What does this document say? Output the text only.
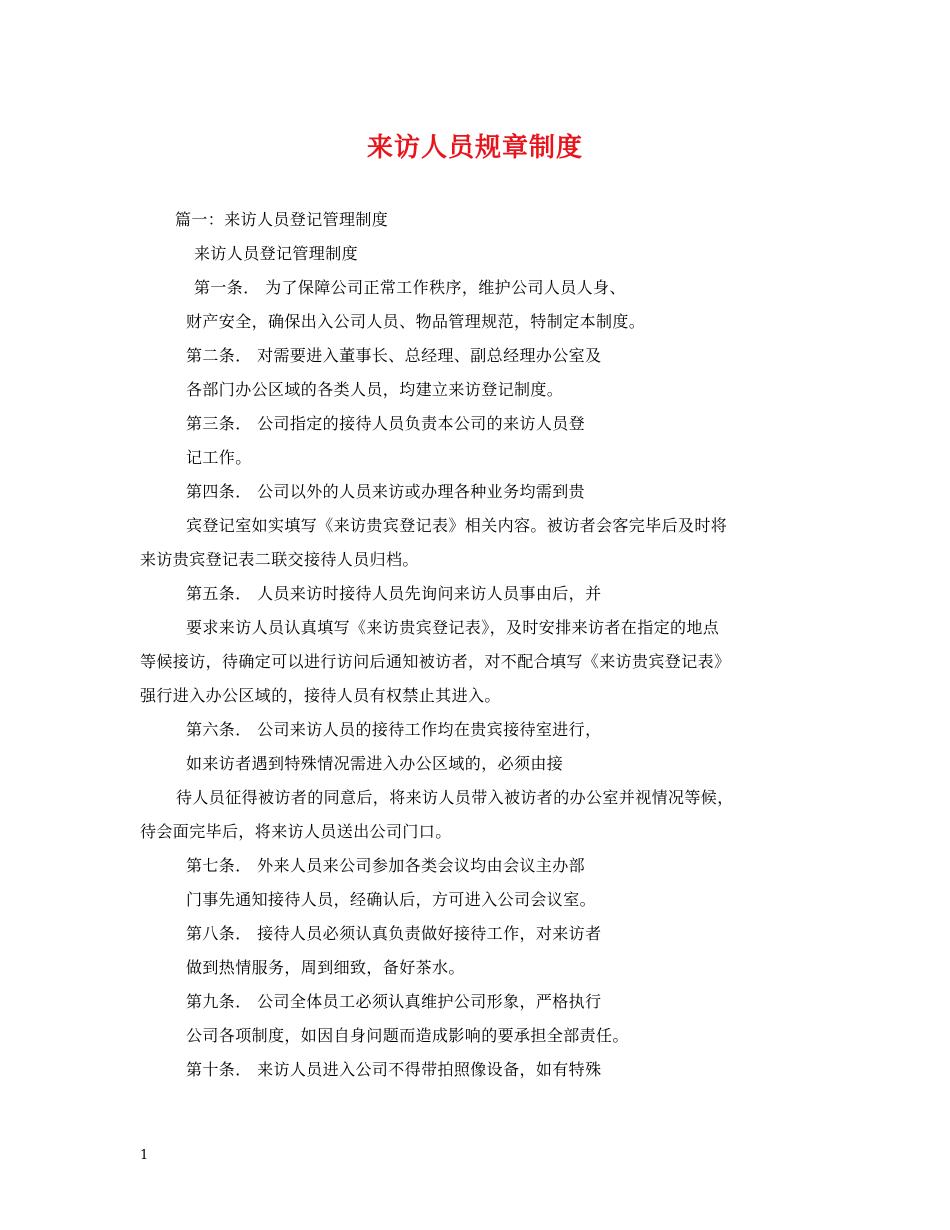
来访人员规章制度
篇一：来访人员登记管理制度
来访人员登记管理制度
第一条． 为了保障公司正常工作秩序，维护公司人员人身、
财产安全，确保出入公司人员、物品管理规范，特制定本制度。
第二条． 对需要进入董事长、总经理、副总经理办公室及
各部门办公区域的各类人员，均建立来访登记制度。
第三条． 公司指定的接待人员负责本公司的来访人员登
记工作。
第四条． 公司以外的人员来访或办理各种业务均需到贵
宾登记室如实填写《来访贵宾登记表》相关内容。被访者会客完毕后及时将
来访贵宾登记表二联交接待人员归档。
第五条． 人员来访时接待人员先询问来访人员事由后，并
要求来访人员认真填写《来访贵宾登记表》，及时安排来访者在指定的地点
等候接访，待确定可以进行访问后通知被访者，对不配合填写《来访贵宾登记表》
强行进入办公区域的，接待人员有权禁止其进入。
第六条． 公司来访人员的接待工作均在贵宾接待室进行，
如来访者遇到特殊情况需进入办公区域的，必须由接
待人员征得被访者的同意后，将来访人员带入被访者的办公室并视情况等候，
待会面完毕后，将来访人员送出公司门口。
第七条． 外来人员来公司参加各类会议均由会议主办部
门事先通知接待人员，经确认后，方可进入公司会议室。
第八条． 接待人员必须认真负责做好接待工作，对来访者
做到热情服务，周到细致，备好茶水。
第九条． 公司全体员工必须认真维护公司形象，严格执行
公司各项制度，如因自身问题而造成影响的要承担全部责任。
第十条． 来访人员进入公司不得带拍照像设备，如有特殊
1
